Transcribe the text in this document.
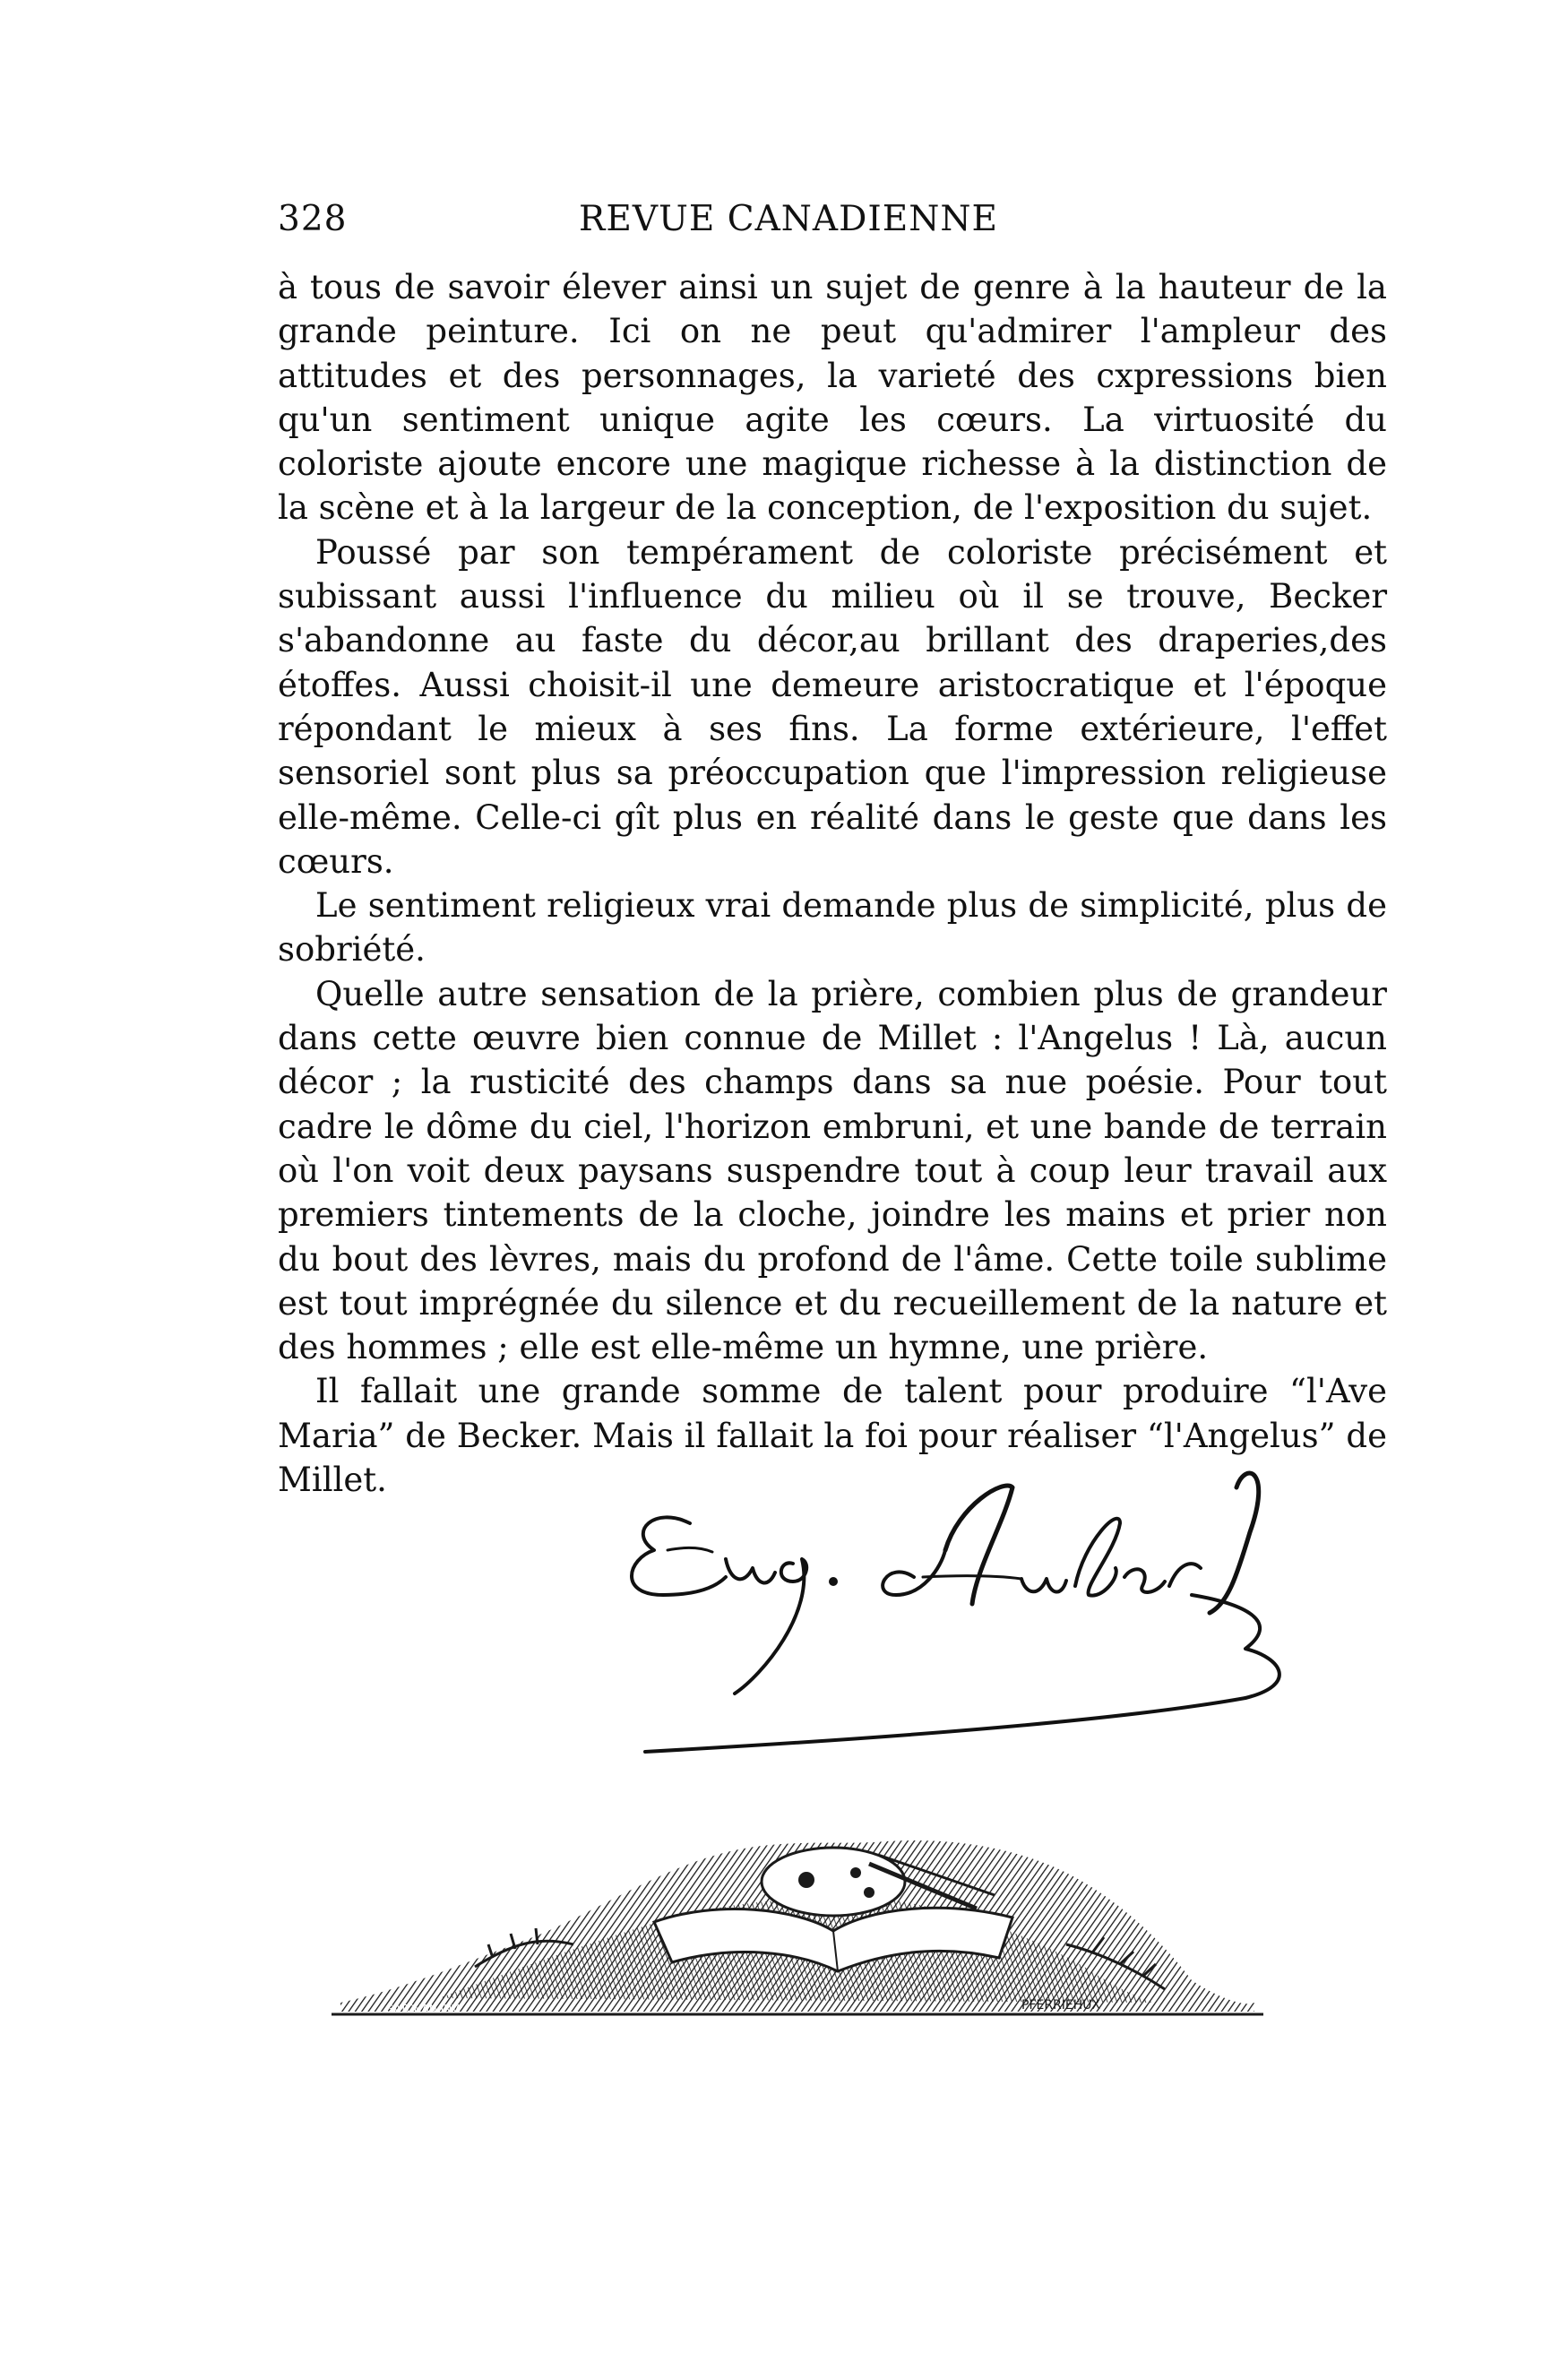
328	REVUE CANADIENNE

à tous de savoir élever ainsi un sujet de genre à la hauteur de la grande peinture. Ici on ne peut qu'admirer l'ampleur des attitudes et des personnages, la varieté des cxpressions bien qu'un sentiment unique agite les cœurs. La virtuosité du coloriste ajoute encore une magique richesse à la distinction de la scène et à la largeur de la conception, de l'exposition du sujet.

Poussé par son tempérament de coloriste précisément et subissant aussi l'influence du milieu où il se trouve, Becker s'abandonne au faste du décor,au brillant des draperies,des étoffes. Aussi choisit-il une demeure aristocratique et l'époque répondant le mieux à ses fins. La forme extérieure, l'effet sensoriel sont plus sa préoccupation que l'impression religieuse elle-même. Celle-ci gît plus en réalité dans le geste que dans les cœurs.

Le sentiment religieux vrai demande plus de simplicité, plus de sobriété.

Quelle autre sensation de la prière, combien plus de grandeur dans cette œuvre bien connue de Millet : l'Angelus ! Là, aucun décor ; la rusticité des champs dans sa nue poésie. Pour tout cadre le dôme du ciel, l'horizon embruni, et une bande de terrain où l'on voit deux paysans suspendre tout à coup leur travail aux premiers tintements de la cloche, joindre les mains et prier non du bout des lèvres, mais du profond de l'âme. Cette toile sublime est tout imprégnée du silence et du recueillement de la nature et des hommes ; elle est elle-même un hymne, une prière.

Il fallait une grande somme de talent pour produire “l'Ave Maria” de Becker. Mais il fallait la foi pour réaliser “l'Angelus” de Millet.

GATCHAN INV	PFERRIEHUX
